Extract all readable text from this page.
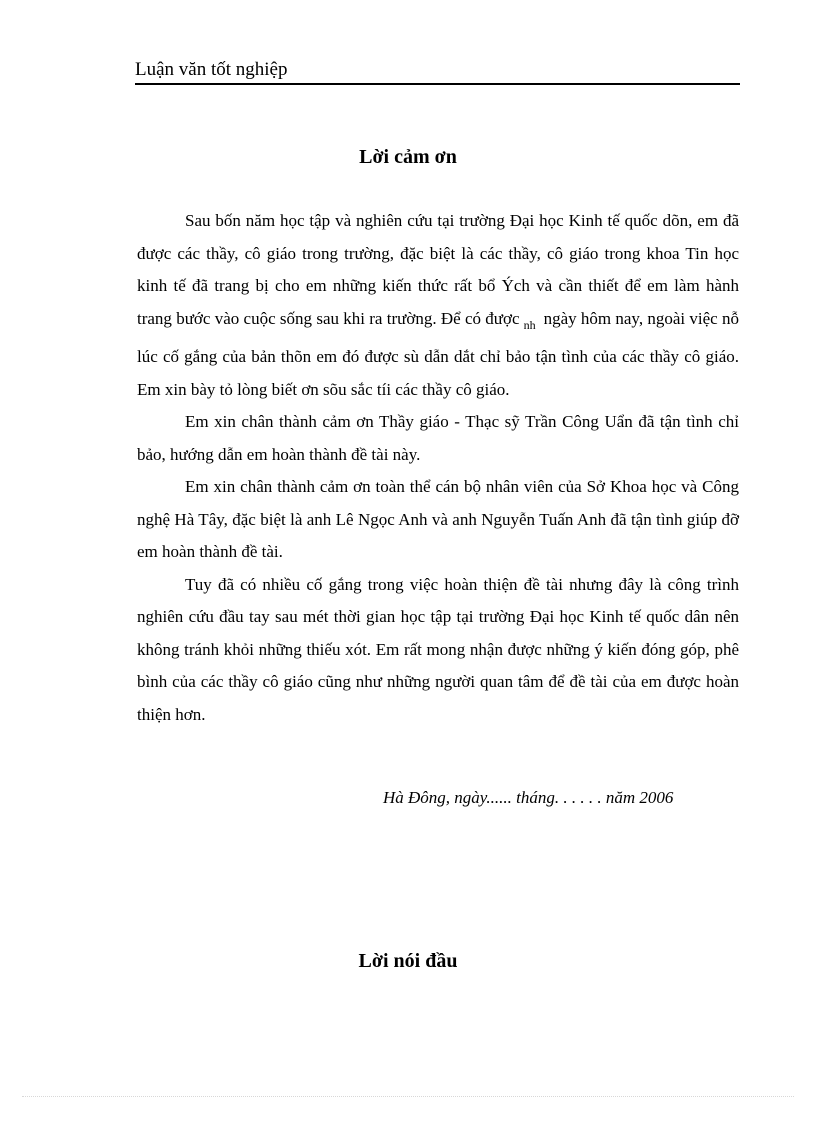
Luận văn tốt nghiệp
Lời cảm ơn

Sau bốn năm học tập và nghiên cứu tại trường Đại học Kinh tế quốc dõn, em đã được các thầy, cô giáo trong trường, đặc biệt là các thầy, cô giáo trong khoa Tin học kinh tế đã trang bị cho em những kiến thức rất bổ Ých và cần thiết để em làm hành trang bước vào cuộc sống sau khi ra trường. Để có được $_{nh}$ ngày hôm nay, ngoài việc nỗ lúc cố gắng của bản thõn em đó được sù dẫn dắt chỉ bảo tận tình của các thầy cô giáo. Em xin bày tỏ lòng biết ơn sõu sắc tíi các thầy cô giáo.

Em xin chân thành cảm ơn Thầy giáo - Thạc sỹ Trần Công Uẩn đã tận tình chỉ bảo, hướng dẫn em hoàn thành đề tài này.

Em xin chân thành cảm ơn toàn thể cán bộ nhân viên của Sở Khoa học và Công nghệ Hà Tây, đặc biệt là anh Lê Ngọc Anh và anh Nguyễn Tuấn Anh đã tận tình giúp đỡ em hoàn thành đề tài.

Tuy đã có nhiều cố gắng trong việc hoàn thiện đề tài nhưng đây là công trình nghiên cứu đầu tay sau mét thời gian học tập tại trường Đại học Kinh tế quốc dân nên không tránh khỏi những thiếu xót. Em rất mong nhận được những ý kiến đóng góp, phê bình của các thầy cô giáo cũng như những người quan tâm để đề tài của em được hoàn thiện hơn.

Hà Đông, ngày...... tháng. . . . . . năm 2006
Lời nói đầu
